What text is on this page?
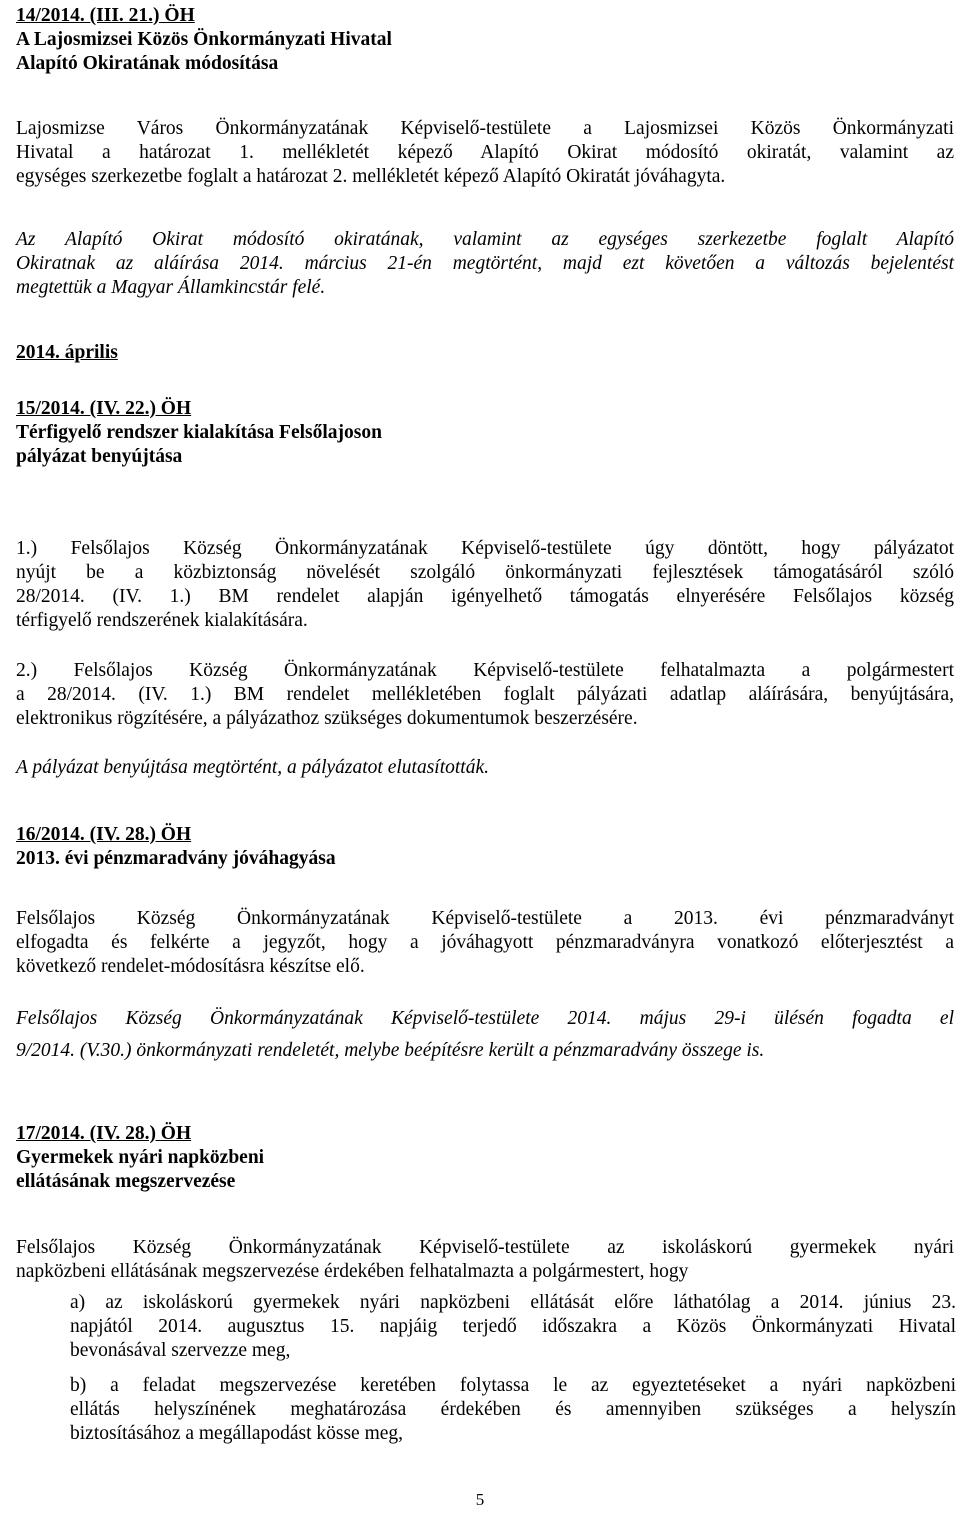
14/2014. (III. 21.) ÖH
A Lajosmizsei Közös Önkormányzati Hivatal
Alapító Okiratának módosítása
Lajosmizse Város Önkormányzatának Képviselő-testülete a Lajosmizsei Közös Önkormányzati
Hivatal a határozat 1. mellékletét képező Alapító Okirat módosító okiratát, valamint az
egységes szerkezetbe foglalt a határozat 2. mellékletét képező Alapító Okiratát jóváhagyta.
Az Alapító Okirat módosító okiratának, valamint az egységes szerkezetbe foglalt Alapító
Okiratnak az aláírása 2014. március 21-én megtörtént, majd ezt követően a változás bejelentést
megtettük a Magyar Államkincstár felé.
2014. április
15/2014. (IV. 22.) ÖH
Térfigyelő rendszer kialakítása Felsőlajoson
pályázat benyújtása
1.) Felsőlajos Község Önkormányzatának Képviselő-testülete úgy döntött, hogy pályázatot
nyújt be a közbiztonság növelését szolgáló önkormányzati fejlesztések támogatásáról szóló
28/2014. (IV. 1.) BM rendelet alapján igényelhető támogatás elnyerésére Felsőlajos község
térfigyelő rendszerének kialakítására.
2.) Felsőlajos Község Önkormányzatának Képviselő-testülete felhatalmazta a polgármestert
a 28/2014. (IV. 1.) BM rendelet mellékletében foglalt pályázati adatlap aláírására, benyújtására,
elektronikus rögzítésére, a pályázathoz szükséges dokumentumok beszerzésére.
A pályázat benyújtása megtörtént, a pályázatot elutasították.
16/2014. (IV. 28.) ÖH
2013. évi pénzmaradvány jóváhagyása
Felsőlajos Község Önkormányzatának Képviselő-testülete a 2013. évi pénzmaradványt
elfogadta és felkérte a jegyzőt, hogy a jóváhagyott pénzmaradványra vonatkozó előterjesztést a
következő rendelet-módosításra készítse elő.
Felsőlajos Község Önkormányzatának Képviselő-testülete 2014. május 29-i ülésén fogadta el
9/2014. (V.30.) önkormányzati rendeletét, melybe beépítésre került a pénzmaradvány összege is.
17/2014. (IV. 28.) ÖH
Gyermekek nyári napközbeni
ellátásának megszervezése
Felsőlajos Község Önkormányzatának Képviselő-testülete az iskoláskorú gyermekek nyári
napközbeni ellátásának megszervezése érdekében felhatalmazta a polgármestert, hogy
a) az iskoláskorú gyermekek nyári napközbeni ellátását előre láthatólag a 2014. június 23.
napjától 2014. augusztus 15. napjáig terjedő időszakra a Közös Önkormányzati Hivatal
bevonásával szervezze meg,
b) a feladat megszervezése keretében folytassa le az egyeztetéseket a nyári napközbeni
ellátás helyszínének meghatározása érdekében és amennyiben szükséges a helyszín
biztosításához a megállapodást kösse meg,
5
